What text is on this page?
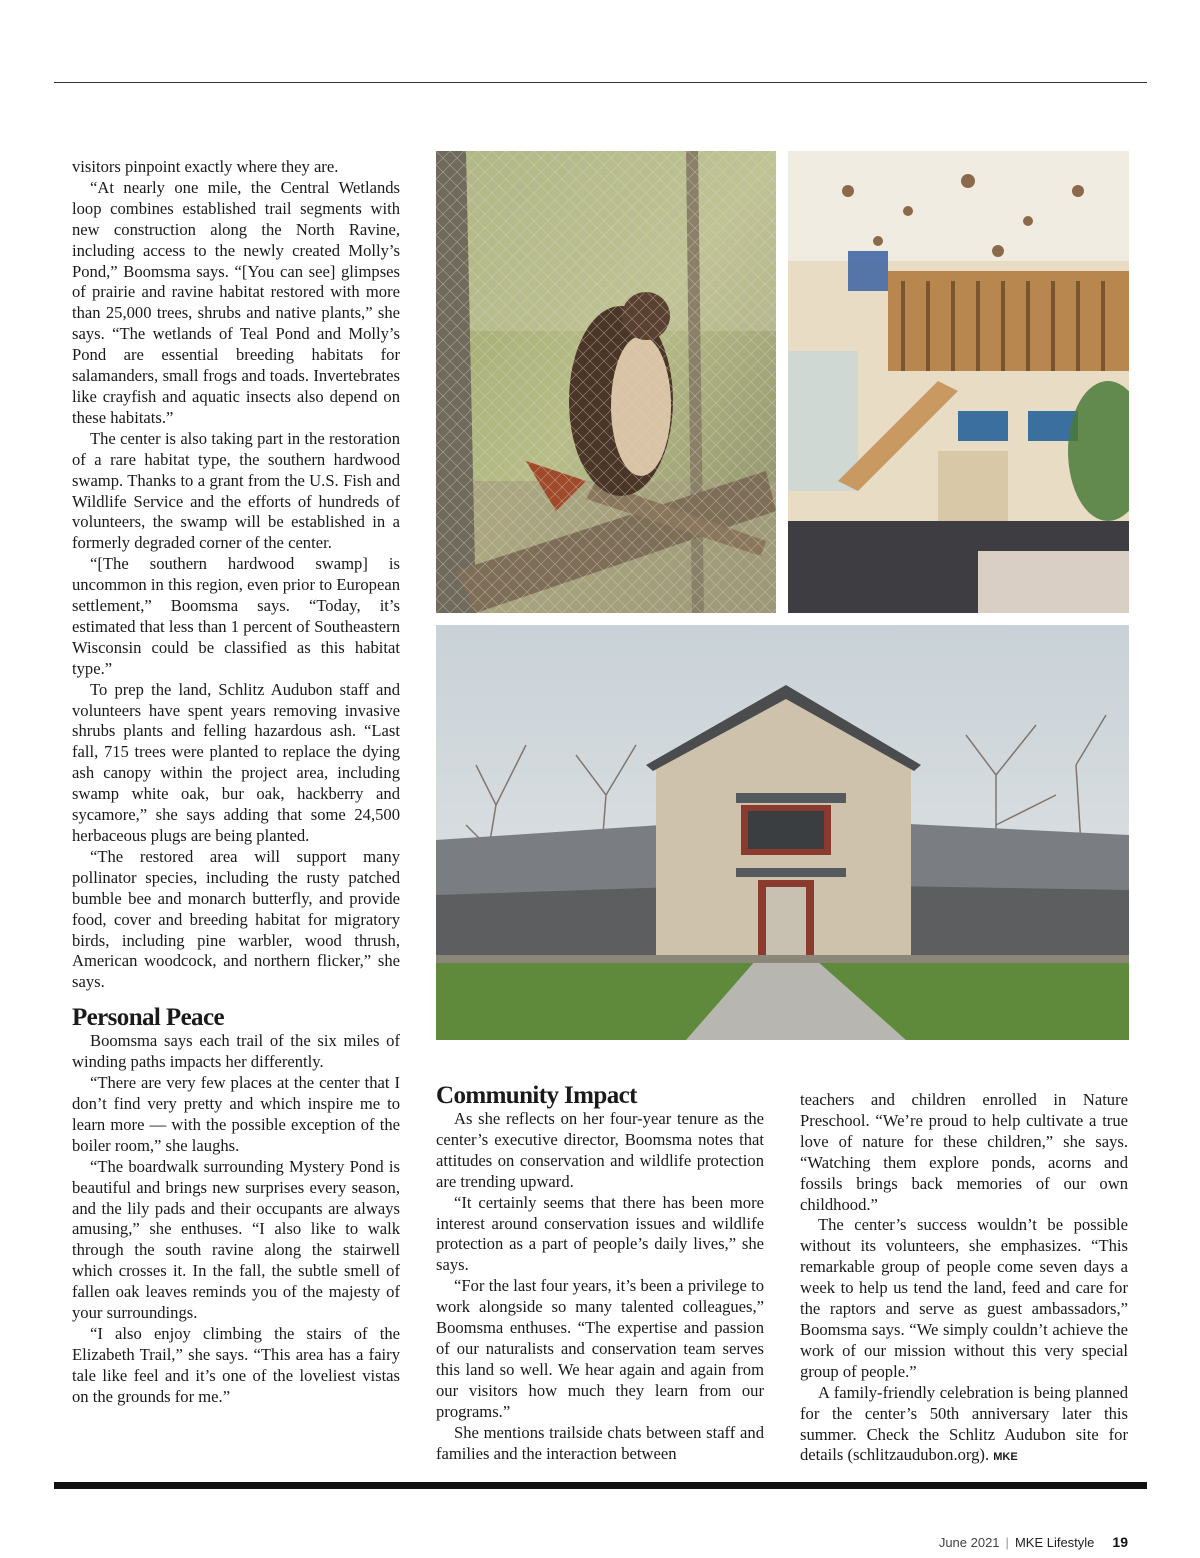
visitors pinpoint exactly where they are.

“At nearly one mile, the Central Wetlands loop combines established trail segments with new construction along the North Ravine, including access to the newly created Molly’s Pond,” Boomsma says. “[You can see] glimpses of prairie and ravine habitat restored with more than 25,000 trees, shrubs and native plants,” she says. “The wetlands of Teal Pond and Molly’s Pond are essential breeding habitats for salamanders, small frogs and toads. Invertebrates like crayfish and aquatic insects also depend on these habitats.”

The center is also taking part in the restoration of a rare habitat type, the southern hardwood swamp. Thanks to a grant from the U.S. Fish and Wildlife Service and the efforts of hundreds of volunteers, the swamp will be established in a formerly degraded corner of the center.

“[The southern hardwood swamp] is uncommon in this region, even prior to European settlement,” Boomsma says. “Today, it’s estimated that less than 1 percent of Southeastern Wisconsin could be classified as this habitat type.”

To prep the land, Schlitz Audubon staff and volunteers have spent years removing invasive shrubs plants and felling hazardous ash. “Last fall, 715 trees were planted to replace the dying ash canopy within the project area, including swamp white oak, bur oak, hackberry and sycamore,” she says adding that some 24,500 herbaceous plugs are being planted.

“The restored area will support many pollinator species, including the rusty patched bumble bee and monarch butterfly, and provide food, cover and breeding habitat for migratory birds, including pine warbler, wood thrush, American woodcock, and northern flicker,” she says.

Personal Peace

Boomsma says each trail of the six miles of winding paths impacts her differently.

“There are very few places at the center that I don’t find very pretty and which inspire me to learn more — with the possible exception of the boiler room,” she laughs.

“The boardwalk surrounding Mystery Pond is beautiful and brings new surprises every season, and the lily pads and their occupants are always amusing,” she enthuses. “I also like to walk through the south ravine along the stairwell which crosses it. In the fall, the subtle smell of fallen oak leaves reminds you of the majesty of your surroundings.

“I also enjoy climbing the stairs of the Elizabeth Trail,” she says. “This area has a fairy tale like feel and it’s one of the loveliest vistas on the grounds for me.”

Community Impact

As she reflects on her four-year tenure as the center’s executive director, Boomsma notes that attitudes on conservation and wildlife protection are trending upward.

“It certainly seems that there has been more interest around conservation issues and wildlife protection as a part of people’s daily lives,” she says.

“For the last four years, it’s been a privilege to work alongside so many talented colleagues,” Boomsma enthuses. “The expertise and passion of our naturalists and conservation team serves this land so well. We hear again and again from our visitors how much they learn from our programs.”

She mentions trailside chats between staff and families and the interaction between

teachers and children enrolled in Nature Preschool. “We’re proud to help cultivate a true love of nature for these children,” she says. “Watching them explore ponds, acorns and fossils brings back memories of our own childhood.”

The center’s success wouldn’t be possible without its volunteers, she emphasizes. “This remarkable group of people come seven days a week to help us tend the land, feed and care for the raptors and serve as guest ambassadors,” Boomsma says. “We simply couldn’t achieve the work of our mission without this very special group of people.”

A family-friendly celebration is being planned for the center’s 50th anniversary later this summer. Check the Schlitz Audubon site for details (schlitzaudubon.org). MKE

June 2021 | MKE Lifestyle 19
